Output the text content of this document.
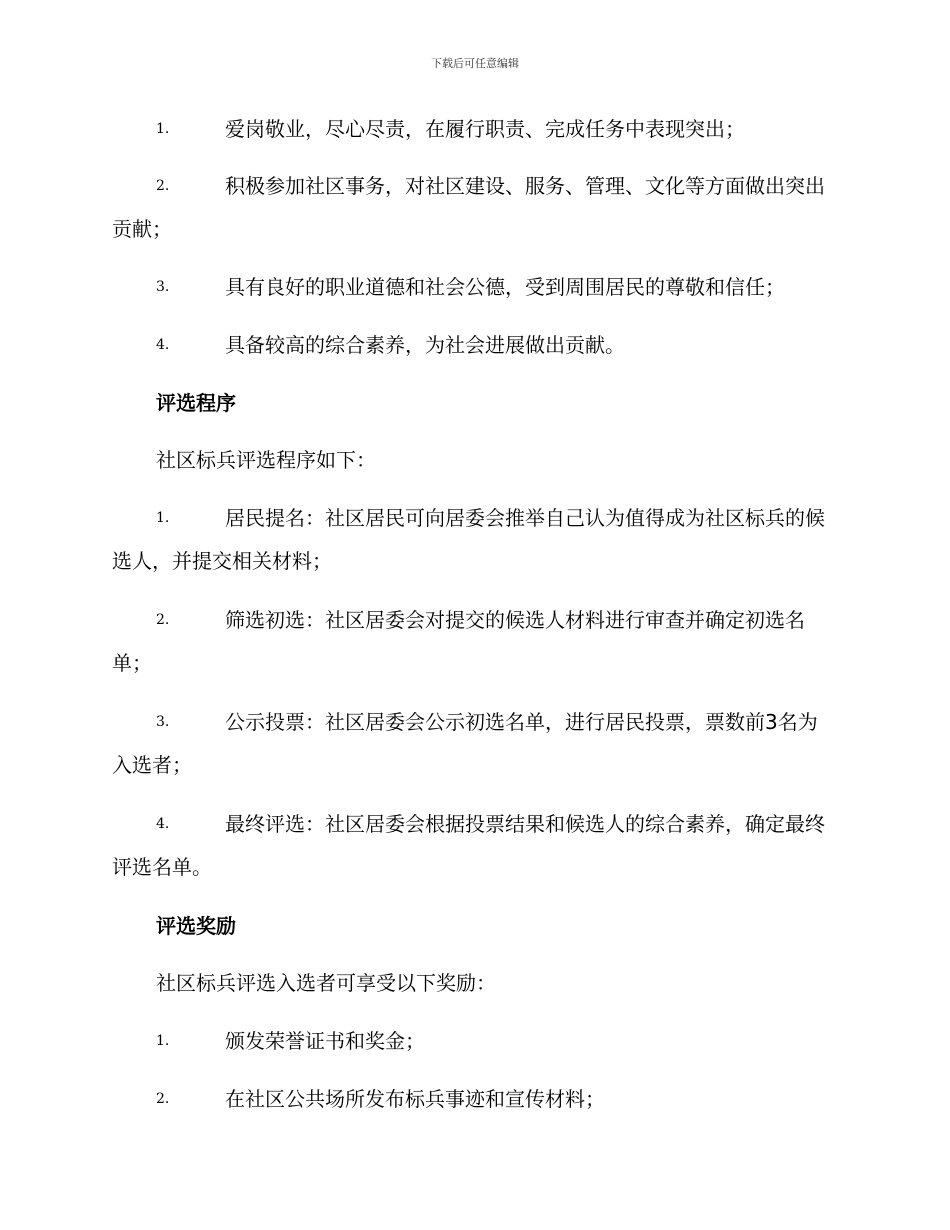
下载后可任意编辑
1.	爱岗敬业，尽心尽责，在履行职责、完成任务中表现突出；
2.	积极参加社区事务，对社区建设、服务、管理、文化等方面做出突出贡献；
3.	具有良好的职业道德和社会公德，受到周围居民的尊敬和信任；
4.	具备较高的综合素养，为社会进展做出贡献。
评选程序
社区标兵评选程序如下：
1.	居民提名：社区居民可向居委会推举自己认为值得成为社区标兵的候选人，并提交相关材料；
2.	筛选初选：社区居委会对提交的候选人材料进行审查并确定初选名单；
3.	公示投票：社区居委会公示初选名单，进行居民投票，票数前3名为入选者；
4.	最终评选：社区居委会根据投票结果和候选人的综合素养，确定最终评选名单。
评选奖励
社区标兵评选入选者可享受以下奖励：
1.	颁发荣誉证书和奖金；
2.	在社区公共场所发布标兵事迹和宣传材料；
